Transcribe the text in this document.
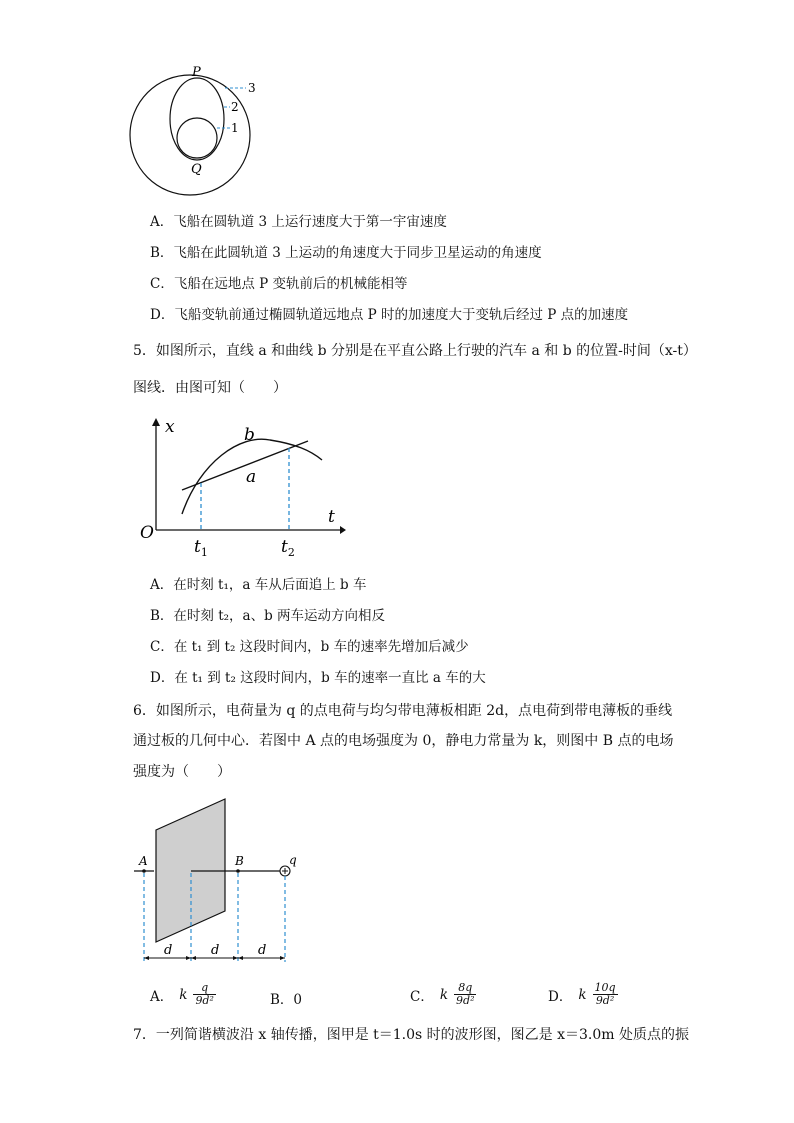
P
Q
3
2
1
A．飞船在圆轨道 3 上运行速度大于第一宇宙速度
B．飞船在此圆轨道 3 上运动的角速度大于同步卫星运动的角速度
C．飞船在远地点 P 变轨前后的机械能相等
D．飞船变轨前通过椭圆轨道远地点 P 时的加速度大于变轨后经过 P 点的加速度
5．如图所示，直线 a 和曲线 b 分别是在平直公路上行驶的汽车 a 和 b 的位置-时间（x-t）
图线．由图可知（　　）
x
t
O
b
a
$t_1$	$t_2$
A．在时刻 t₁，a 车从后面追上 b 车
B．在时刻 t₂，a、b 两车运动方向相反
C．在 t₁ 到 t₂ 这段时间内，b 车的速率先增加后减少
D．在 t₁ 到 t₂ 这段时间内，b 车的速率一直比 a 车的大
6．如图所示，电荷量为 q 的点电荷与均匀带电薄板相距 2d，点电荷到带电薄板的垂线
通过板的几何中心．若图中 A 点的电场强度为 0，静电力常量为 k，则图中 B 点的电场
强度为（　　）
A	B	q
d	d	d
A． k $\frac{q}{\text{9d²}}$	B．0	C． k $\frac{8q}{\text{9d²}}$	D． k $\frac{10q}{\text{9d²}}$
7．一列简谐横波沿 x 轴传播，图甲是 t＝1.0s 时的波形图，图乙是 x＝3.0m 处质点的振
